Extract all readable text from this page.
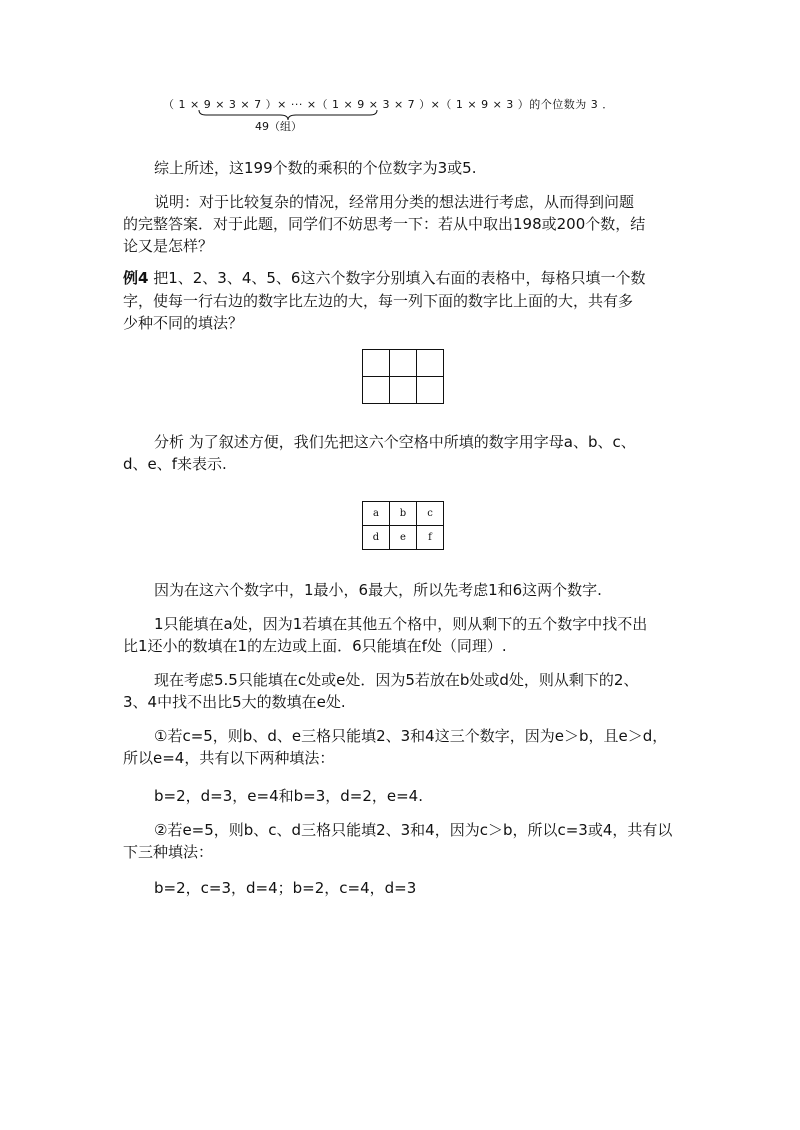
（ 1 × 9 × 3 × 7 ）× ··· ×（ 1 × 9 × 3 × 7 ）×（ 1 × 9 × 3 ）的个位数为 3 ．
49（组）
综上所述，这199个数的乘积的个位数字为3或5.
说明：对于比较复杂的情况，经常用分类的想法进行考虑，从而得到问题
的完整答案．对于此题，同学们不妨思考一下：若从中取出198或200个数，结
论又是怎样？
例4 把1、2、3、4、5、6这六个数字分别填入右面的表格中，每格只填一个数
字，使每一行右边的数字比左边的大，每一列下面的数字比上面的大，共有多
少种不同的填法？

分析 为了叙述方便，我们先把这六个空格中所填的数字用字母a、b、c、
d、e、f来表示.
a	b	c
d	e	f
因为在这六个数字中，1最小，6最大，所以先考虑1和6这两个数字.
1只能填在a处，因为1若填在其他五个格中，则从剩下的五个数字中找不出
比1还小的数填在1的左边或上面．6只能填在f处（同理）.
现在考虑5.5只能填在c处或e处．因为5若放在b处或d处，则从剩下的2、
3、4中找不出比5大的数填在e处.
①若c=5，则b、d、e三格只能填2、3和4这三个数字，因为e＞b，且e＞d，
所以e=4，共有以下两种填法：
b=2，d=3，e=4和b=3，d=2，e=4.
②若e=5，则b、c、d三格只能填2、3和4，因为c＞b，所以c=3或4，共有以
下三种填法：
b=2，c=3，d=4；b=2，c=4，d=3
